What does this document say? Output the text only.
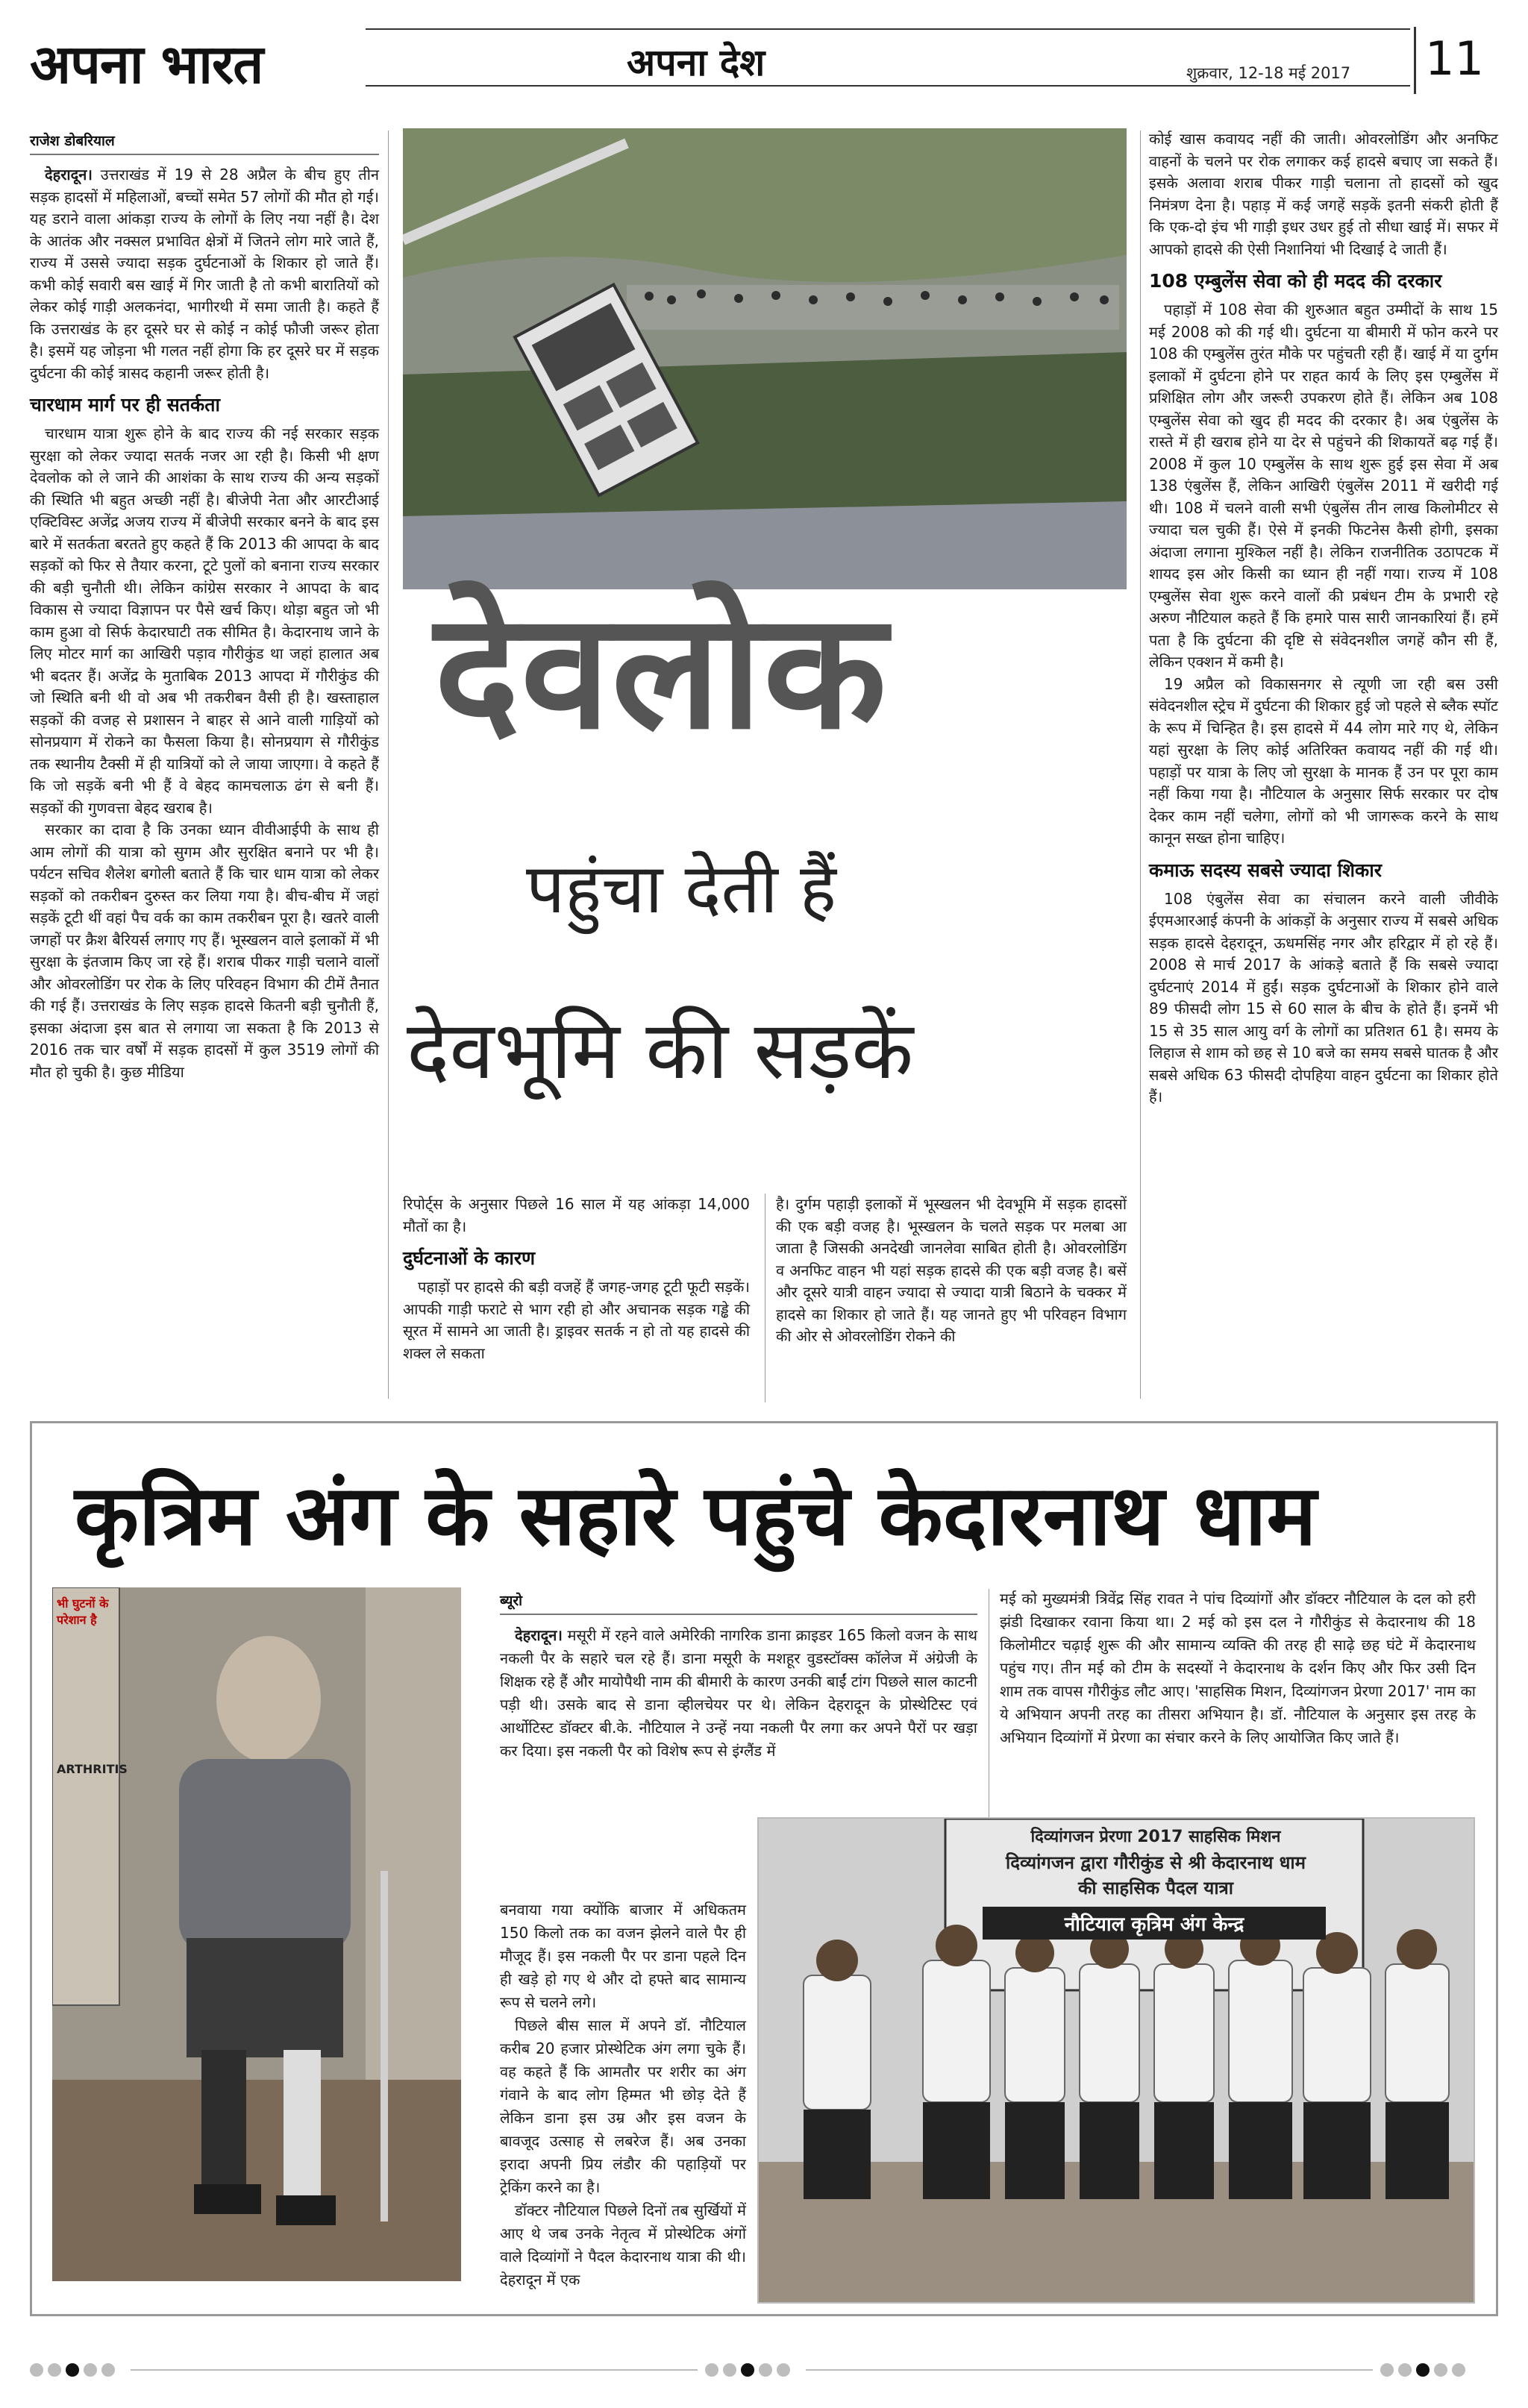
अपना भारत	अपना देश	शुक्रवार, 12-18 मई 2017 11
राजेश डोबरियाल

देहरादून। उत्तराखंड में 19 से 28 अप्रैल के बीच हुए तीन सड़क हादसों में महिलाओं, बच्चों समेत 57 लोगों की मौत हो गई। यह डराने वाला आंकड़ा राज्य के लोगों के लिए नया नहीं है। देश के आतंक और नक्सल प्रभावित क्षेत्रों में जितने लोग मारे जाते हैं, राज्य में उससे ज्यादा सड़क दुर्घटनाओं के शिकार हो जाते हैं। कभी कोई सवारी बस खाई में गिर जाती है तो कभी बारातियों को लेकर कोई गाड़ी अलकनंदा, भागीरथी में समा जाती है। कहते हैं कि उत्तराखंड के हर दूसरे घर से कोई न कोई फौजी जरूर होता है। इसमें यह जोड़ना भी गलत नहीं होगा कि हर दूसरे घर में सड़क दुर्घटना की कोई त्रासद कहानी जरूर होती है।

चारधाम मार्ग पर ही सतर्कता

चारधाम यात्रा शुरू होने के बाद राज्य की नई सरकार सड़क सुरक्षा को लेकर ज्यादा सतर्क नजर आ रही है। किसी भी क्षण देवलोक को ले जाने की आशंका के साथ राज्य की अन्य सड़कों की स्थिति भी बहुत अच्छी नहीं है। बीजेपी नेता और आरटीआई एक्टिविस्ट अजेंद्र अजय राज्य में बीजेपी सरकार बनने के बाद इस बारे में सतर्कता बरतते हुए कहते हैं कि 2013 की आपदा के बाद सड़कों को फिर से तैयार करना, टूटे पुलों को बनाना राज्य सरकार की बड़ी चुनौती थी। लेकिन कांग्रेस सरकार ने आपदा के बाद विकास से ज्यादा विज्ञापन पर पैसे खर्च किए। थोड़ा बहुत जो भी काम हुआ वो सिर्फ केदारघाटी तक सीमित है। केदारनाथ जाने के लिए मोटर मार्ग का आखिरी पड़ाव गौरीकुंड था जहां हालात अब भी बदतर हैं। अजेंद्र के मुताबिक 2013 आपदा में गौरीकुंड की जो स्थिति बनी थी वो अब भी तकरीबन वैसी ही है। खस्ताहाल सड़कों की वजह से प्रशासन ने बाहर से आने वाली गाड़ियों को सोनप्रयाग में रोकने का फैसला किया है। सोनप्रयाग से गौरीकुंड तक स्थानीय टैक्सी में ही यात्रियों को ले जाया जाएगा। वे कहते हैं कि जो सड़कें बनी भी हैं वे बेहद कामचलाऊ ढंग से बनी हैं। सड़कों की गुणवत्ता बेहद खराब है।

सरकार का दावा है कि उनका ध्यान वीवीआईपी के साथ ही आम लोगों की यात्रा को सुगम और सुरक्षित बनाने पर भी है। पर्यटन सचिव शैलेश बगोली बताते हैं कि चार धाम यात्रा को लेकर सड़कों को तकरीबन दुरुस्त कर लिया गया है। बीच-बीच में जहां सड़कें टूटी थीं वहां पैच वर्क का काम तकरीबन पूरा है। खतरे वाली जगहों पर क्रैश बैरियर्स लगाए गए हैं। भूस्खलन वाले इलाकों में भी सुरक्षा के इंतजाम किए जा रहे हैं। शराब पीकर गाड़ी चलाने वालों और ओवरलोडिंग पर रोक के लिए परिवहन विभाग की टीमें तैनात की गई हैं। उत्तराखंड के लिए सड़क हादसे कितनी बड़ी चुनौती हैं, इसका अंदाजा इस बात से लगाया जा सकता है कि 2013 से 2016 तक चार वर्षों में सड़क हादसों में कुल 3519 लोगों की मौत हो चुकी है। कुछ मीडिया

देवलोक
पहुंचा देती हैं
देवभूमि की सड़कें

रिपोर्ट्स के अनुसार पिछले 16 साल में यह आंकड़ा 14,000 मौतों का है।

दुर्घटनाओं के कारण

पहाड़ों पर हादसे की बड़ी वजहें हैं जगह-जगह टूटी फूटी सड़कें। आपकी गाड़ी फराटे से भाग रही हो और अचानक सड़क गड्ढे की सूरत में सामने आ जाती है। ड्राइवर सतर्क न हो तो यह हादसे की शक्ल ले सकता

है। दुर्गम पहाड़ी इलाकों में भूस्खलन भी देवभूमि में सड़क हादसों की एक बड़ी वजह है। भूस्खलन के चलते सड़क पर मलबा आ जाता है जिसकी अनदेखी जानलेवा साबित होती है। ओवरलोडिंग व अनफिट वाहन भी यहां सड़क हादसे की एक बड़ी वजह है। बसें और दूसरे यात्री वाहन ज्यादा से ज्यादा यात्री बिठाने के चक्कर में हादसे का शिकार हो जाते हैं। यह जानते हुए भी परिवहन विभाग की ओर से ओवरलोडिंग रोकने की

कोई खास कवायद नहीं की जाती। ओवरलोडिंग और अनफिट वाहनों के चलने पर रोक लगाकर कई हादसे बचाए जा सकते हैं। इसके अलावा शराब पीकर गाड़ी चलाना तो हादसों को खुद निमंत्रण देना है। पहाड़ में कई जगहें सड़कें इतनी संकरी होती हैं कि एक-दो इंच भी गाड़ी इधर उधर हुई तो सीधा खाई में। सफर में आपको हादसे की ऐसी निशानियां भी दिखाई दे जाती हैं।

108 एम्बुलेंस सेवा को ही मदद की दरकार

पहाड़ों में 108 सेवा की शुरुआत बहुत उम्मीदों के साथ 15 मई 2008 को की गई थी। दुर्घटना या बीमारी में फोन करने पर 108 की एम्बुलेंस तुरंत मौके पर पहुंचती रही हैं। खाई में या दुर्गम इलाकों में दुर्घटना होने पर राहत कार्य के लिए इस एम्बुलेंस में प्रशिक्षित लोग और जरूरी उपकरण होते हैं। लेकिन अब 108 एम्बुलेंस सेवा को खुद ही मदद की दरकार है। अब एंबुलेंस के रास्ते में ही खराब होने या देर से पहुंचने की शिकायतें बढ़ गई हैं। 2008 में कुल 10 एम्बुलेंस के साथ शुरू हुई इस सेवा में अब 138 एंबुलेंस हैं, लेकिन आखिरी एंबुलेंस 2011 में खरीदी गई थी। 108 में चलने वाली सभी एंबुलेंस तीन लाख किलोमीटर से ज्यादा चल चुकी हैं। ऐसे में इनकी फिटनेस कैसी होगी, इसका अंदाजा लगाना मुश्किल नहीं है। लेकिन राजनीतिक उठापटक में शायद इस ओर किसी का ध्यान ही नहीं गया। राज्य में 108 एम्बुलेंस सेवा शुरू करने वालों की प्रबंधन टीम के प्रभारी रहे अरुण नौटियाल कहते हैं कि हमारे पास सारी जानकारियां हैं। हमें पता है कि दुर्घटना की दृष्टि से संवेदनशील जगहें कौन सी हैं, लेकिन एक्शन में कमी है।

19 अप्रैल को विकासनगर से त्यूणी जा रही बस उसी संवेदनशील स्ट्रेच में दुर्घटना की शिकार हुई जो पहले से ब्लैक स्पॉट के रूप में चिन्हित है। इस हादसे में 44 लोग मारे गए थे, लेकिन यहां सुरक्षा के लिए कोई अतिरिक्त कवायद नहीं की गई थी। पहाड़ों पर यात्रा के लिए जो सुरक्षा के मानक हैं उन पर पूरा काम नहीं किया गया है। नौटियाल के अनुसार सिर्फ सरकार पर दोष देकर काम नहीं चलेगा, लोगों को भी जागरूक करने के साथ कानून सख्त होना चाहिए।

कमाऊ सदस्य सबसे ज्यादा शिकार

108 एंबुलेंस सेवा का संचालन करने वाली जीवीके ईएमआरआई कंपनी के आंकड़ों के अनुसार राज्य में सबसे अधिक सड़क हादसे देहरादून, ऊधमसिंह नगर और हरिद्वार में हो रहे हैं। 2008 से मार्च 2017 के आंकड़े बताते हैं कि सबसे ज्यादा दुर्घटनाएं 2014 में हुईं। सड़क दुर्घटनाओं के शिकार होने वाले 89 फीसदी लोग 15 से 60 साल के बीच के होते हैं। इनमें भी 15 से 35 साल आयु वर्ग के लोगों का प्रतिशत 61 है। समय के लिहाज से शाम को छह से 10 बजे का समय सबसे घातक है और सबसे अधिक 63 फीसदी दोपहिया वाहन दुर्घटना का शिकार होते हैं।

कृत्रिम अंग के सहारे पहुंचे केदारनाथ धाम
भी घुटनों के
परेशान है
ARTHRITIS
ब्यूरो

देहरादून। मसूरी में रहने वाले अमेरिकी नागरिक डाना क्राइडर 165 किलो वजन के साथ नकली पैर के सहारे चल रहे हैं। डाना मसूरी के मशहूर वुडस्टॉक्स कॉलेज में अंग्रेजी के शिक्षक रहे हैं और मायोपैथी नाम की बीमारी के कारण उनकी बाईं टांग पिछले साल काटनी पड़ी थी। उसके बाद से डाना व्हीलचेयर पर थे। लेकिन देहरादून के प्रोस्थेटिस्ट एवं आर्थोटिस्ट डॉक्टर बी.के. नौटियाल ने उन्हें नया नकली पैर लगा कर अपने पैरों पर खड़ा कर दिया। इस नकली पैर को विशेष रूप से इंग्लैंड में

बनवाया गया क्योंकि बाजार में अधिकतम 150 किलो तक का वजन झेलने वाले पैर ही मौजूद हैं। इस नकली पैर पर डाना पहले दिन ही खड़े हो गए थे और दो हफ्ते बाद सामान्य रूप से चलने लगे।

पिछले बीस साल में अपने डॉ. नौटियाल करीब 20 हजार प्रोस्थेटिक अंग लगा चुके हैं। वह कहते हैं कि आमतौर पर शरीर का अंग गंवाने के बाद लोग हिम्मत भी छोड़ देते हैं लेकिन डाना इस उम्र और इस वजन के बावजूद उत्साह से लबरेज हैं। अब उनका इरादा अपनी प्रिय लंडौर की पहाड़ियों पर ट्रेकिंग करने का है।

डॉक्टर नौटियाल पिछले दिनों तब सुर्खियों में आए थे जब उनके नेतृत्व में प्रोस्थेटिक अंगों वाले दिव्यांगों ने पैदल केदारनाथ यात्रा की थी। देहरादून में एक

मई को मुख्यमंत्री त्रिवेंद्र सिंह रावत ने पांच दिव्यांगों और डॉक्टर नौटियाल के दल को हरी झंडी दिखाकर रवाना किया था। 2 मई को इस दल ने गौरीकुंड से केदारनाथ की 18 किलोमीटर चढ़ाई शुरू की और सामान्य व्यक्ति की तरह ही साढ़े छह घंटे में केदारनाथ पहुंच गए। तीन मई को टीम के सदस्यों ने केदारनाथ के दर्शन किए और फिर उसी दिन शाम तक वापस गौरीकुंड लौट आए। 'साहसिक मिशन, दिव्यांगजन प्रेरणा 2017' नाम का ये अभियान अपनी तरह का तीसरा अभियान है। डॉ. नौटियाल के अनुसार इस तरह के अभियान दिव्यांगों में प्रेरणा का संचार करने के लिए आयोजित किए जाते हैं।

दिव्यांगजन प्रेरणा 2017 साहसिक मिशन
दिव्यांगजन द्वारा गौरीकुंड से श्री केदारनाथ धाम
की साहसिक पैदल यात्रा
नौटियाल कृत्रिम अंग केन्द्र
